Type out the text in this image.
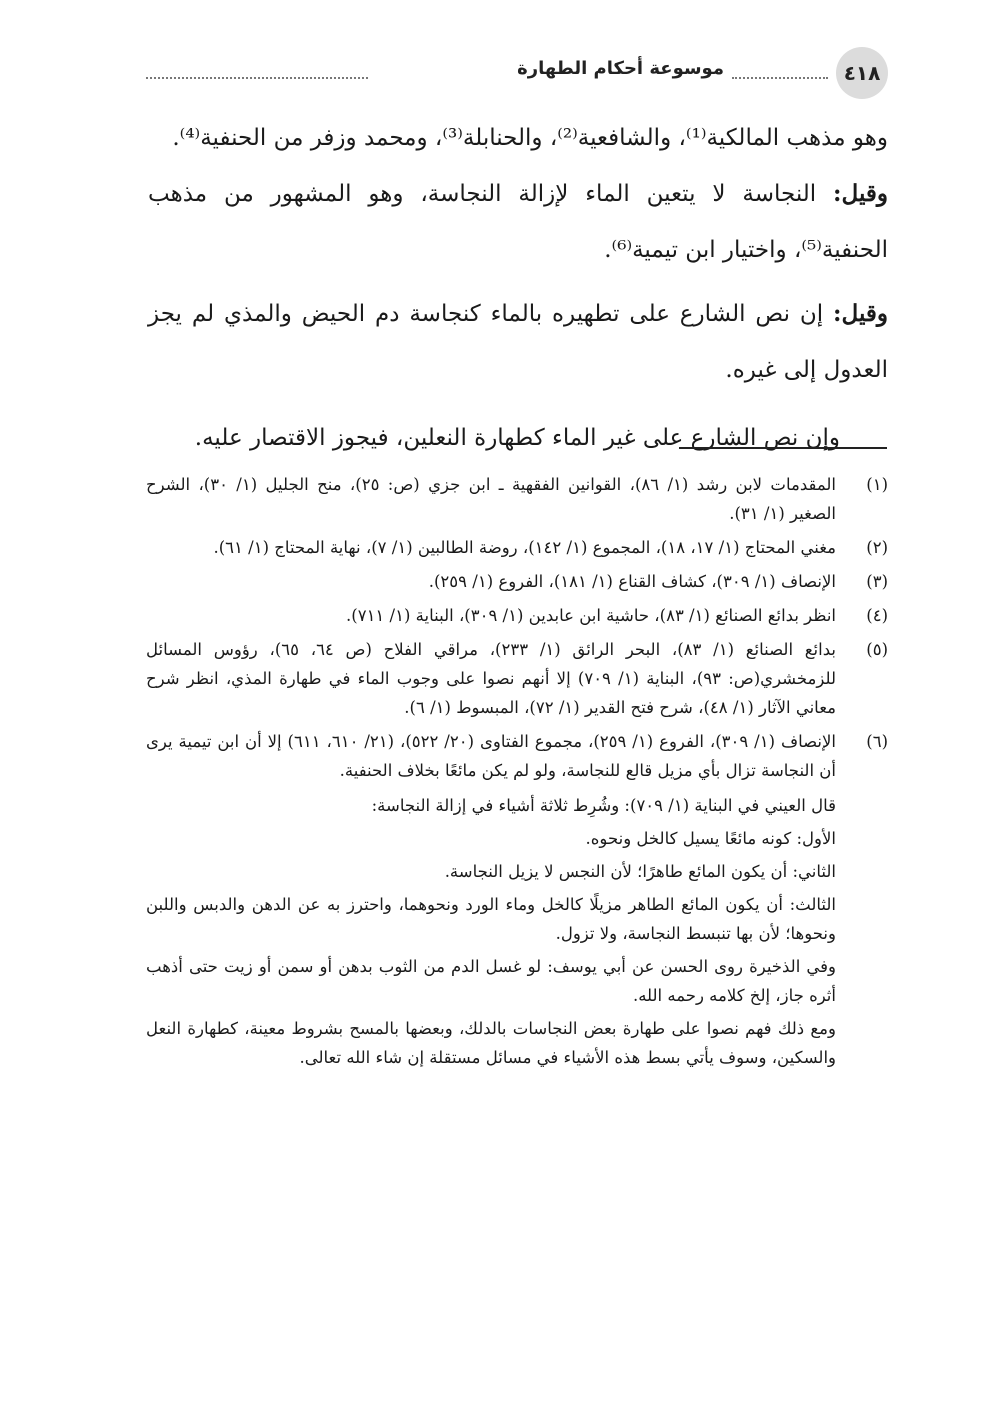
٤١٨
موسوعة أحكام الطهارة

وهو مذهب المالكية⁽¹⁾، والشافعية⁽²⁾، والحنابلة⁽³⁾، ومحمد وزفر من الحنفية⁽⁴⁾.

وقيل: النجاسة لا يتعين الماء لإزالة النجاسة، وهو المشهور من مذهب الحنفية⁽⁵⁾، واختيار ابن تيمية⁽⁶⁾.

وقيل: إن نص الشارع على تطهيره بالماء كنجاسة دم الحيض والمذي لم يجز العدول إلى غيره.

وإن نص الشارع على غير الماء كطهارة النعلين، فيجوز الاقتصار عليه.

(١)

المقدمات لابن رشد (١/ ٨٦)، القوانين الفقهية ـ ابن جزي (ص: ٢٥)، منح الجليل (١/ ٣٠)، الشرح الصغير (١/ ٣١).

(٢)

مغني المحتاج (١/ ١٧، ١٨)، المجموع (١/ ١٤٢)، روضة الطالبين (١/ ٧)، نهاية المحتاج (١/ ٦١).

(٣)

الإنصاف (١/ ٣٠٩)، كشاف القناع (١/ ١٨١)، الفروع (١/ ٢٥٩).

(٤)

انظر بدائع الصنائع (١/ ٨٣)، حاشية ابن عابدين (١/ ٣٠٩)، البناية (١/ ٧١١).

(٥)

بدائع الصنائع (١/ ٨٣)، البحر الرائق (١/ ٢٣٣)، مراقي الفلاح (ص ٦٤، ٦٥)، رؤوس المسائل للزمخشري(ص: ٩٣)، البناية (١/ ٧٠٩) إلا أنهم نصوا على وجوب الماء في طهارة المذي، انظر شرح معاني الآثار (١/ ٤٨)، شرح فتح القدير (١/ ٧٢)، المبسوط (١/ ٦).

(٦)

الإنصاف (١/ ٣٠٩)، الفروع (١/ ٢٥٩)، مجموع الفتاوى (٢٠/ ٥٢٢)، (٢١/ ٦١٠، ٦١١) إلا أن ابن تيمية يرى أن النجاسة تزال بأي مزيل قالع للنجاسة، ولو لم يكن مائعًا بخلاف الحنفية.

قال العيني في البناية (١/ ٧٠٩): وشُرِط ثلاثة أشياء في إزالة النجاسة:

الأول: كونه مائعًا يسيل كالخل ونحوه.

الثاني: أن يكون المائع طاهرًا؛ لأن النجس لا يزيل النجاسة.

الثالث: أن يكون المائع الطاهر مزيلًا كالخل وماء الورد ونحوهما، واحترز به عن الدهن والدبس واللبن ونحوها؛ لأن بها تنبسط النجاسة، ولا تزول.

وفي الذخيرة روى الحسن عن أبي يوسف: لو غسل الدم من الثوب بدهن أو سمن أو زيت حتى أذهب أثره جاز، إلخ كلامه رحمه الله.

ومع ذلك فهم نصوا على طهارة بعض النجاسات بالدلك، وبعضها بالمسح بشروط معينة، كطهارة النعل والسكين، وسوف يأتي بسط هذه الأشياء في مسائل مستقلة إن شاء الله تعالى.
